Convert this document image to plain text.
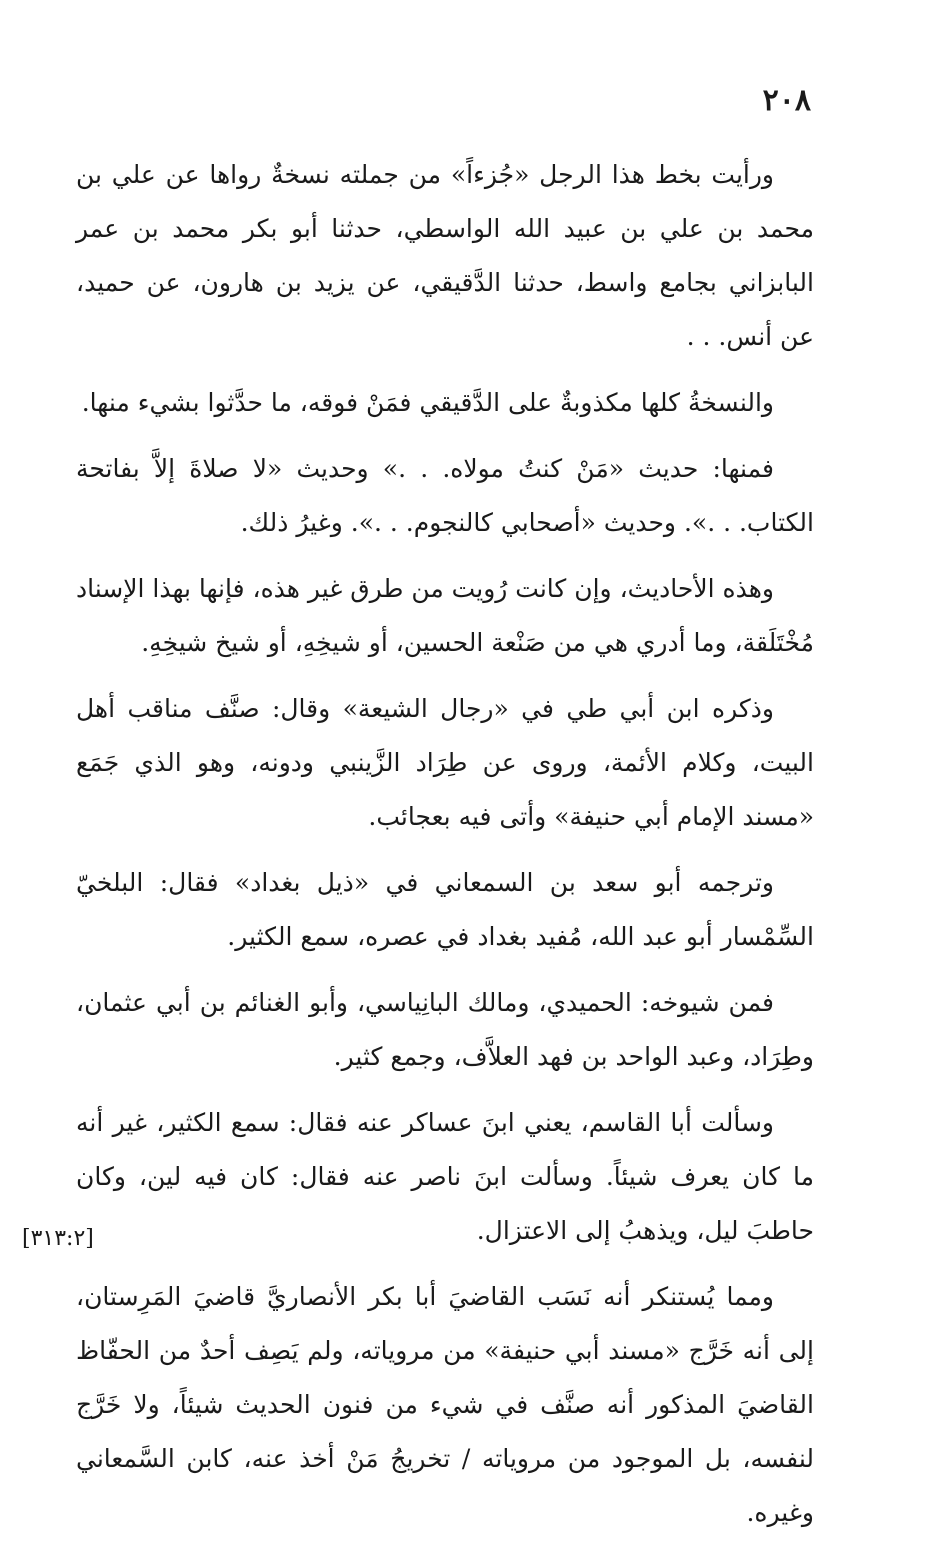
٢٠٨

ورأيت بخط هذا الرجل «جُزءاً» من جملته نسخةٌ رواها عن علي بن محمد بن علي بن عبيد الله الواسطي، حدثنا أبو بكر محمد بن عمر البابزاني بجامع واسط، حدثنا الدَّقيقي، عن يزيد بن هارون، عن حميد، عن أنس. . .

والنسخةُ كلها مكذوبةٌ على الدَّقيقي فمَنْ فوقه، ما حدَّثوا بشيء منها.

فمنها: حديث «مَنْ كنتُ مولاه. . .» وحديث «لا صلاةَ إلاَّ بفاتحة الكتاب. . .». وحديث «أصحابي كالنجوم. . .». وغيرُ ذلك.

وهذه الأحاديث، وإن كانت رُويت من طرق غير هذه، فإنها بهذا الإسناد مُخْتَلَقة، وما أدري هي من صَنْعة الحسين، أو شيخِهِ، أو شيخ شيخِهِ.

وذكره ابن أبي طي في «رجال الشيعة» وقال: صنَّف مناقب أهل البيت، وكلام الأئمة، وروى عن طِرَاد الزَّينبي ودونه، وهو الذي جَمَع «مسند الإمام أبي حنيفة» وأتى فيه بعجائب.

وترجمه أبو سعد بن السمعاني في «ذيل بغداد» فقال: البلخيّ السِّمْسار أبو عبد الله، مُفيد بغداد في عصره، سمع الكثير.

فمن شيوخه: الحميدي، ومالك البانِياسي، وأبو الغنائم بن أبي عثمان، وطِرَاد، وعبد الواحد بن فهد العلاَّف، وجمع كثير.

وسألت أبا القاسم، يعني ابنَ عساكر عنه فقال: سمع الكثير، غير أنه ما كان يعرف شيئاً. وسألت ابنَ ناصر عنه فقال: كان فيه لين، وكان حاطبَ ليل، ويذهبُ إلى الاعتزال.

ومما يُستنكر أنه نَسَب القاضيَ أبا بكر الأنصاريَّ قاضيَ المَرِستان، إلى أنه خَرَّج «مسند أبي حنيفة» من مروياته، ولم يَصِف أحدٌ من الحفّاظ القاضيَ المذكور أنه صنَّف في شيء من فنون الحديث شيئاً، ولا خَرَّج لنفسه، بل الموجود من مروياته / تخريجُ مَنْ أخذ عنه، كابن السَّمعاني وغيره.

[٣١٣:٢]
